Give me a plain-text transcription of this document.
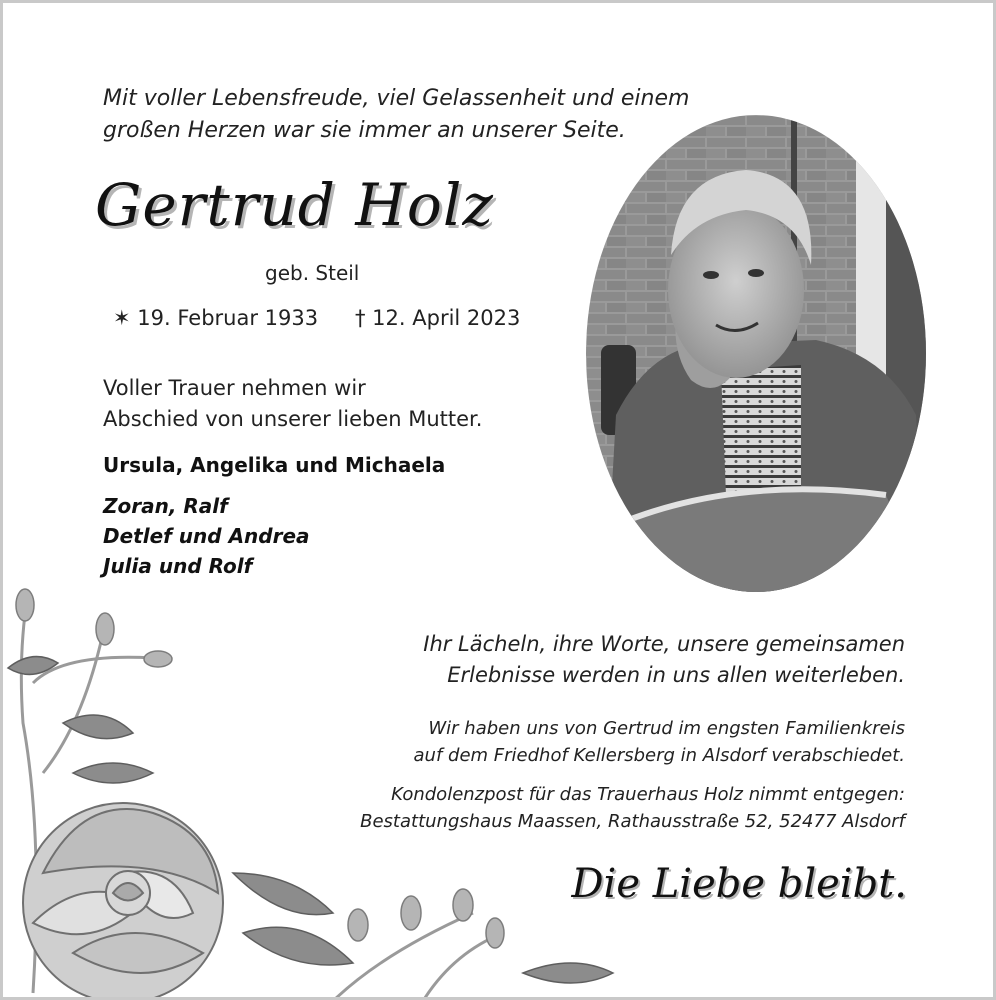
Mit voller Lebensfreude, viel Gelassenheit und einem
großen Herzen war sie immer an unserer Seite.
Gertrud Holz
geb. Steil
✶ 19. Februar 1933 † 12. April 2023
Voller Trauer nehmen wir
Abschied von unserer lieben Mutter.
Ursula, Angelika und Michaela
Zoran, Ralf
Detlef und Andrea
Julia und Rolf
Ihr Lächeln, ihre Worte, unsere gemeinsamen
Erlebnisse werden in uns allen weiterleben.
Wir haben uns von Gertrud im engsten Familienkreis
auf dem Friedhof Kellersberg in Alsdorf verabschiedet.
Kondolenzpost für das Trauerhaus Holz nimmt entgegen:
Bestattungshaus Maassen, Rathausstraße 52, 52477 Alsdorf
Die Liebe bleibt.
